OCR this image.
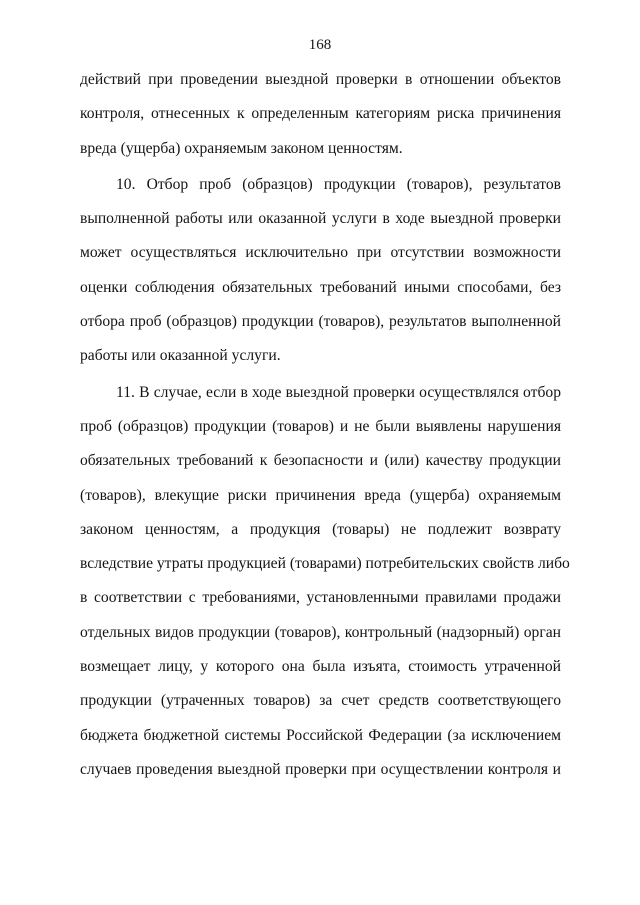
168

действий при проведении выездной проверки в отношении объектов
контроля, отнесенных к определенным категориям риска причинения
вреда (ущерба) охраняемым законом ценностям.

10. Отбор проб (образцов) продукции (товаров), результатов
выполненной работы или оказанной услуги в ходе выездной проверки
может осуществляться исключительно при отсутствии возможности
оценки соблюдения обязательных требований иными способами, без
отбора проб (образцов) продукции (товаров), результатов выполненной
работы или оказанной услуги.

11. В случае, если в ходе выездной проверки осуществлялся отбор
проб (образцов) продукции (товаров) и не были выявлены нарушения
обязательных требований к безопасности и (или) качеству продукции
(товаров), влекущие риски причинения вреда (ущерба) охраняемым
законом ценностям, а продукция (товары) не подлежит возврату
вследствие утраты продукцией (товарами) потребительских свойств либо
в соответствии с требованиями, установленными правилами продажи
отдельных видов продукции (товаров), контрольный (надзорный) орган
возмещает лицу, у которого она была изъята, стоимость утраченной
продукции (утраченных товаров) за счет средств соответствующего
бюджета бюджетной системы Российской Федерации (за исключением
случаев проведения выездной проверки при осуществлении контроля и
